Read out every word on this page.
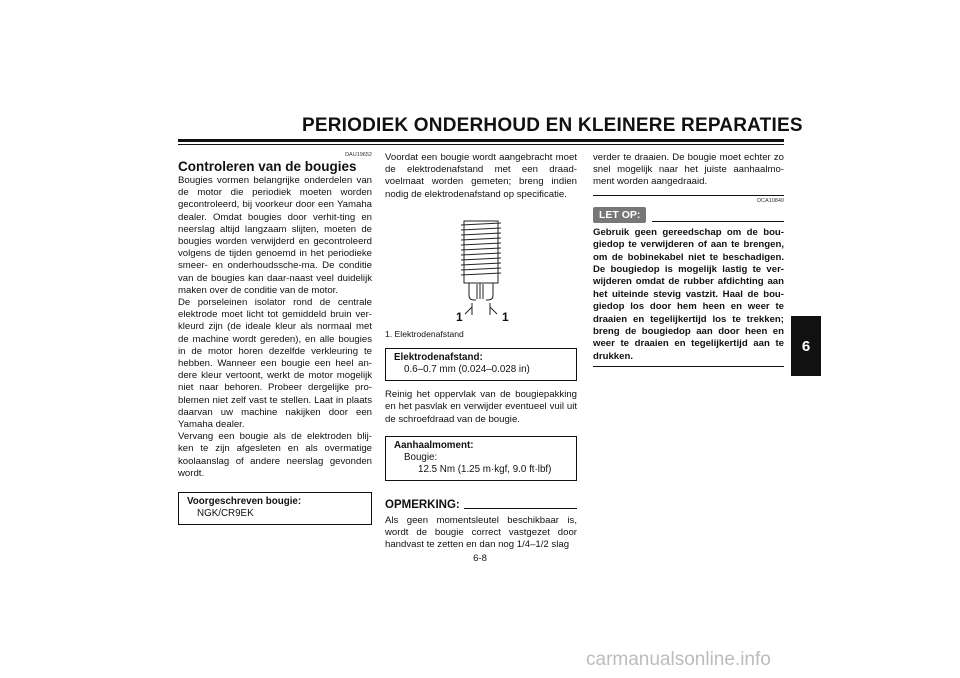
PERIODIEK ONDERHOUD EN KLEINERE REPARATIES
6
DAU19652
Controleren van de bougies

Bougies vormen belangrijke onderdelen van de motor die periodiek moeten worden gecontroleerd, bij voorkeur door een Yamaha dealer. Omdat bougies door verhit-ting en neerslag altijd langzaam slijten, moeten de bougies worden verwijderd en gecontroleerd volgens de tijden genoemd in het periodieke smeer- en onderhoudssche-ma. De conditie van de bougies kan daar-naast veel duidelijk maken over de conditie van de motor.

De porseleinen isolator rond de centrale elektrode moet licht tot gemiddeld bruin ver-kleurd zijn (de ideale kleur als normaal met de machine wordt gereden), en alle bougies in de motor horen dezelfde verkleuring te hebben. Wanneer een bougie een heel an-dere kleur vertoont, werkt de motor mogelijk niet naar behoren. Probeer dergelijke pro-blemen niet zelf vast te stellen. Laat in plaats daarvan uw machine nakijken door een Yamaha dealer.

Vervang een bougie als de elektroden blij-ken te zijn afgesleten en als overmatige koolaanslag of andere neerslag gevonden wordt.

Voorgeschreven bougie:
NGK/CR9EK

Voordat een bougie wordt aangebracht moet de elektrodenafstand met een draad-voelmaat worden gemeten; breng indien nodig de elektrodenafstand op specificatie.

1	1

1. Elektrodenafstand

Elektrodenafstand:
0.6–0.7 mm (0.024–0.028 in)

Reinig het oppervlak van de bougiepakking en het pasvlak en verwijder eventueel vuil uit de schroefdraad van de bougie.

Aanhaalmoment:
Bougie:
12.5 Nm (1.25 m·kgf, 9.0 ft·lbf)
OPMERKING:

Als geen momentsleutel beschikbaar is, wordt de bougie correct vastgezet door handvast te zetten en dan nog 1/4–1/2 slag

verder te draaien. De bougie moet echter zo snel mogelijk naar het juiste aanhaalmo-ment worden aangedraaid.

DCA10840
LET OP:

Gebruik geen gereedschap om de bou-giedop te verwijderen of aan te brengen, om de bobinekabel niet te beschadigen. De bougiedop is mogelijk lastig te ver-wijderen omdat de rubber afdichting aan het uiteinde stevig vastzit. Haal de bou-giedop los door hem heen en weer te draaien en tegelijkertijd los te trekken; breng de bougiedop aan door heen en weer te draaien en tegelijkertijd aan te drukken.

6-8
carmanualsonline.info
